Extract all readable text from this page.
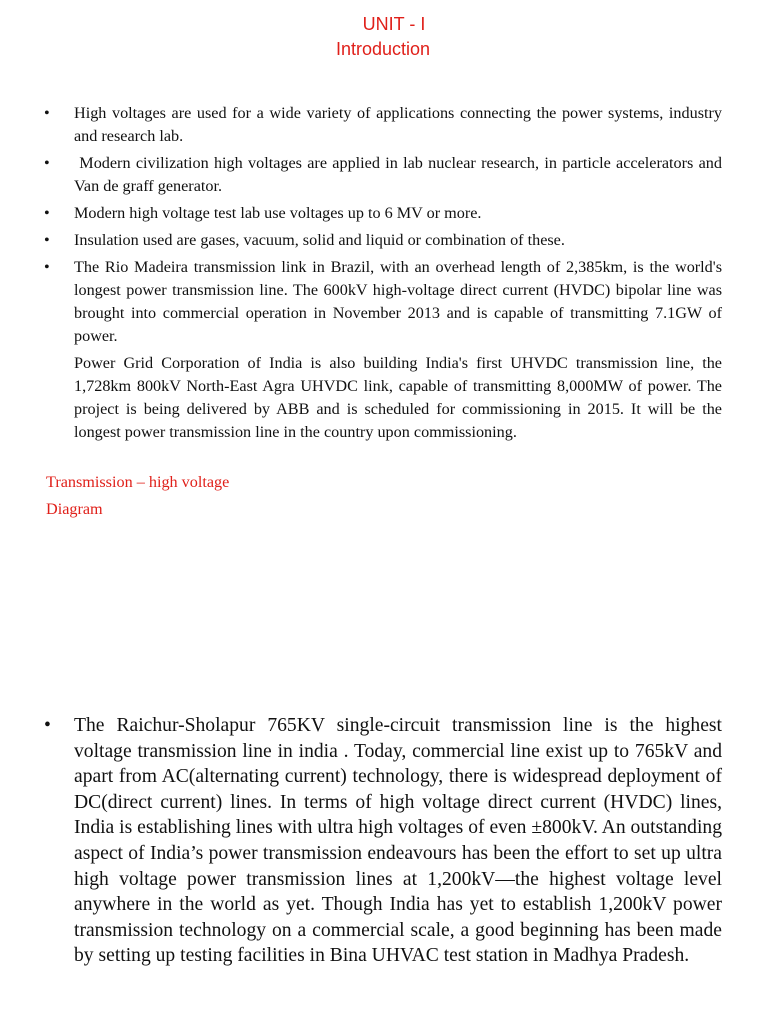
UNIT - I
Introduction
• High voltages are used for a wide variety of applications connecting the power systems, industry and research lab.
• Modern civilization high voltages are applied in lab nuclear research, in particle accelerators and Van de graff generator.
• Modern high voltage test lab use voltages up to 6 MV or more.
• Insulation used are gases, vacuum, solid and liquid or combination of these.
• The Rio Madeira transmission link in Brazil, with an overhead length of 2,385km, is the world's longest power transmission line. The 600kV high-voltage direct current (HVDC) bipolar line was brought into commercial operation in November 2013 and is capable of transmitting 7.1GW of power.

Power Grid Corporation of India is also building India's first UHVDC transmission line, the 1,728km 800kV North-East Agra UHVDC link, capable of transmitting 8,000MW of power. The project is being delivered by ABB and is scheduled for commissioning in 2015. It will be the longest power transmission line in the country upon commissioning.

Transmission – high voltage
Diagram
• The Raichur-Sholapur 765KV single-circuit transmission line is the highest voltage transmission line in india . Today, commercial line exist up to 765kV and apart from AC(alternating current) technology, there is widespread deployment of DC(direct current) lines. In terms of high voltage direct current (HVDC) lines, India is establishing lines with ultra high voltages of even ±800kV. An outstanding aspect of India’s power transmission endeavours has been the effort to set up ultra high voltage power transmission lines at 1,200kV—the highest voltage level anywhere in the world as yet. Though India has yet to establish 1,200kV power transmission technology on a commercial scale, a good beginning has been made by setting up testing facilities in Bina UHVAC test station in Madhya Pradesh.
